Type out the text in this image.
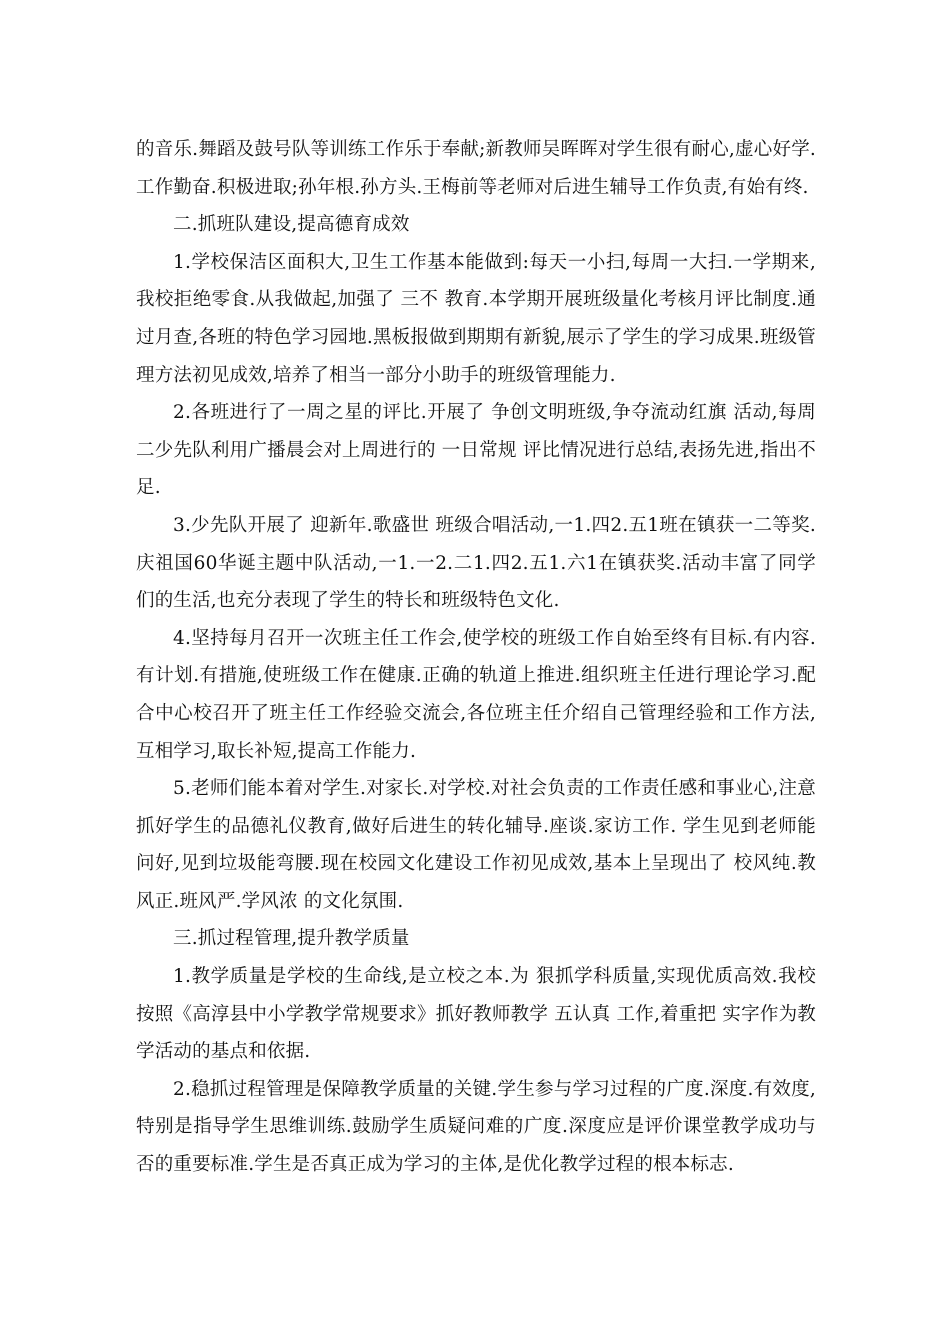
的音乐.舞蹈及鼓号队等训练工作乐于奉献;新教师吴晖晖对学生很有耐心,虚心好学.工作勤奋.积极进取;孙年根.孙方头.王梅前等老师对后进生辅导工作负责,有始有终.

二.抓班队建设,提高德育成效

1.学校保洁区面积大,卫生工作基本能做到:每天一小扫,每周一大扫.一学期来,我校拒绝零食.从我做起,加强了 三不 教育.本学期开展班级量化考核月评比制度.通过月查,各班的特色学习园地.黑板报做到期期有新貌,展示了学生的学习成果.班级管理方法初见成效,培养了相当一部分小助手的班级管理能力.

2.各班进行了一周之星的评比.开展了 争创文明班级,争夺流动红旗 活动,每周二少先队利用广播晨会对上周进行的 一日常规 评比情况进行总结,表扬先进,指出不足.

3.少先队开展了 迎新年.歌盛世 班级合唱活动,一1.四2.五1班在镇获一二等奖.庆祖国60华诞主题中队活动,一1.一2.二1.四2.五1.六1在镇获奖.活动丰富了同学们的生活,也充分表现了学生的特长和班级特色文化.

4.坚持每月召开一次班主任工作会,使学校的班级工作自始至终有目标.有内容.有计划.有措施,使班级工作在健康.正确的轨道上推进.组织班主任进行理论学习.配合中心校召开了班主任工作经验交流会,各位班主任介绍自己管理经验和工作方法,互相学习,取长补短,提高工作能力.

5.老师们能本着对学生.对家长.对学校.对社会负责的工作责任感和事业心,注意抓好学生的品德礼仪教育,做好后进生的转化辅导.座谈.家访工作. 学生见到老师能问好,见到垃圾能弯腰.现在校园文化建设工作初见成效,基本上呈现出了 校风纯.教风正.班风严.学风浓 的文化氛围.

三.抓过程管理,提升教学质量

1.教学质量是学校的生命线,是立校之本.为 狠抓学科质量,实现优质高效.我校按照《高淳县中小学教学常规要求》抓好教师教学 五认真 工作,着重把 实字作为教学活动的基点和依据.

2.稳抓过程管理是保障教学质量的关键.学生参与学习过程的广度.深度.有效度,特别是指导学生思维训练.鼓励学生质疑问难的广度.深度应是评价课堂教学成功与否的重要标准.学生是否真正成为学习的主体,是优化教学过程的根本标志.
